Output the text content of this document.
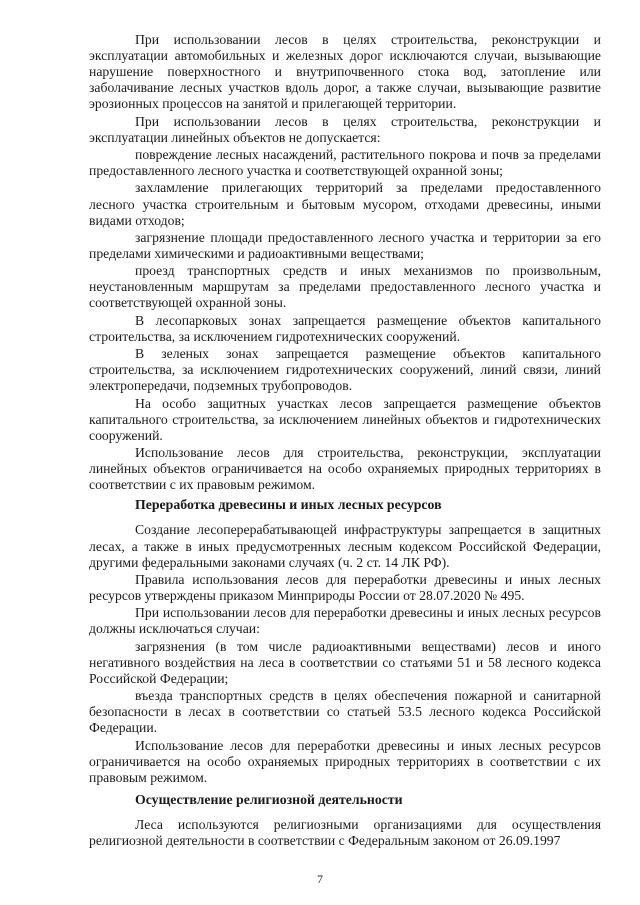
При использовании лесов в целях строительства, реконструкции и эксплуатации автомобильных и железных дорог исключаются случаи, вызывающие нарушение поверхностного и внутрипочвенного стока вод, затопление или заболачивание лесных участков вдоль дорог, а также случаи, вызывающие развитие эрозионных процессов на занятой и прилегающей территории.

При использовании лесов в целях строительства, реконструкции и эксплуатации линейных объектов не допускается:

повреждение лесных насаждений, растительного покрова и почв за пределами предоставленного лесного участка и соответствующей охранной зоны;

захламление прилегающих территорий за пределами предоставленного лесного участка строительным и бытовым мусором, отходами древесины, иными видами отходов;

загрязнение площади предоставленного лесного участка и территории за его пределами химическими и радиоактивными веществами;

проезд транспортных средств и иных механизмов по произвольным, неустановленным маршрутам за пределами предоставленного лесного участка и соответствующей охранной зоны.

В лесопарковых зонах запрещается размещение объектов капитального строительства, за исключением гидротехнических сооружений.

В зеленых зонах запрещается размещение объектов капитального строительства, за исключением гидротехнических сооружений, линий связи, линий электропередачи, подземных трубопроводов.

На особо защитных участках лесов запрещается размещение объектов капитального строительства, за исключением линейных объектов и гидротехнических сооружений.

Использование лесов для строительства, реконструкции, эксплуатации линейных объектов ограничивается на особо охраняемых природных территориях в соответствии с их правовым режимом.

Переработка древесины и иных лесных ресурсов

Создание лесоперерабатывающей инфраструктуры запрещается в защитных лесах, а также в иных предусмотренных лесным кодексом Российской Федерации, другими федеральными законами случаях (ч. 2 ст. 14 ЛК РФ).

Правила использования лесов для переработки древесины и иных лесных ресурсов утверждены приказом Минприроды России от 28.07.2020 № 495.

При использовании лесов для переработки древесины и иных лесных ресурсов должны исключаться случаи:

загрязнения (в том числе радиоактивными веществами) лесов и иного негативного воздействия на леса в соответствии со статьями 51 и 58 лесного кодекса Российской Федерации;

въезда транспортных средств в целях обеспечения пожарной и санитарной безопасности в лесах в соответствии со статьей 53.5 лесного кодекса Российской Федерации.

Использование лесов для переработки древесины и иных лесных ресурсов ограничивается на особо охраняемых природных территориях в соответствии с их правовым режимом.

Осуществление религиозной деятельности

Леса используются религиозными организациями для осуществления религиозной деятельности в соответствии с Федеральным законом от 26.09.1997

7
